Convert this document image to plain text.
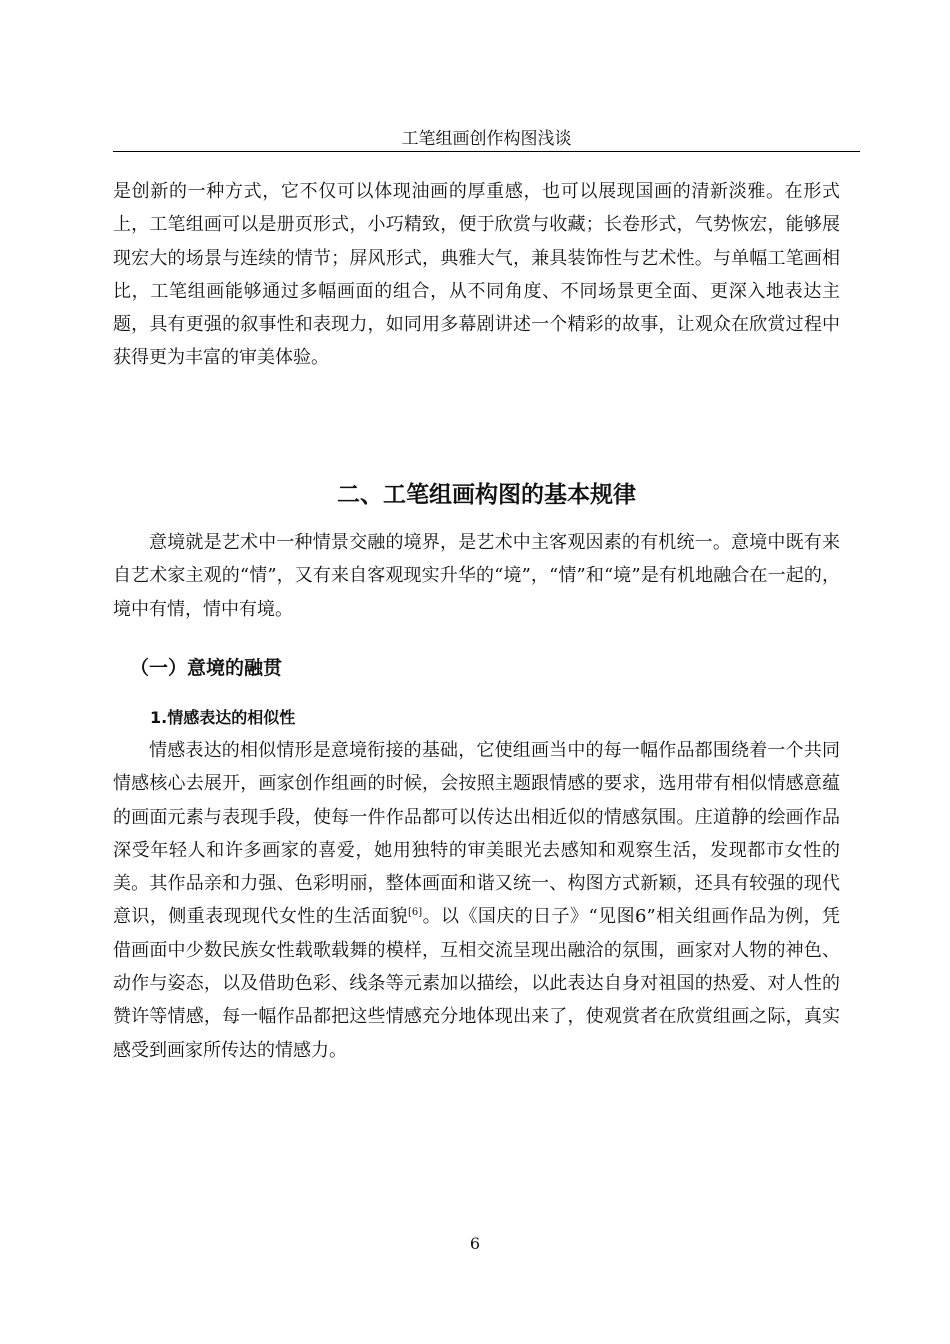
工笔组画创作构图浅谈

是创新的一种方式，它不仅可以体现油画的厚重感，也可以展现国画的清新淡雅。在形式上，工笔组画可以是册页形式，小巧精致，便于欣赏与收藏；长卷形式，气势恢宏，能够展现宏大的场景与连续的情节；屏风形式，典雅大气，兼具装饰性与艺术性。与单幅工笔画相比，工笔组画能够通过多幅画面的组合，从不同角度、不同场景更全面、更深入地表达主题，具有更强的叙事性和表现力，如同用多幕剧讲述一个精彩的故事，让观众在欣赏过程中获得更为丰富的审美体验。

二、工笔组画构图的基本规律

意境就是艺术中一种情景交融的境界，是艺术中主客观因素的有机统一。意境中既有来自艺术家主观的“情”，又有来自客观现实升华的“境”，“情”和“境”是有机地融合在一起的，境中有情，情中有境。

（一）意境的融贯
1.情感表达的相似性

情感表达的相似情形是意境衔接的基础，它使组画当中的每一幅作品都围绕着一个共同情感核心去展开，画家创作组画的时候，会按照主题跟情感的要求，选用带有相似情感意蕴的画面元素与表现手段，使每一件作品都可以传达出相近似的情感氛围。庄道静的绘画作品深受年轻人和许多画家的喜爱，她用独特的审美眼光去感知和观察生活，发现都市女性的美。其作品亲和力强、色彩明丽，整体画面和谐又统一、构图方式新颖，还具有较强的现代意识，侧重表现现代女性的生活面貌[6]。以《国庆的日子》“见图6”相关组画作品为例，凭借画面中少数民族女性载歌载舞的模样，互相交流呈现出融洽的氛围，画家对人物的神色、动作与姿态，以及借助色彩、线条等元素加以描绘，以此表达自身对祖国的热爱、对人性的赞许等情感，每一幅作品都把这些情感充分地体现出来了，使观赏者在欣赏组画之际，真实感受到画家所传达的情感力。

6
